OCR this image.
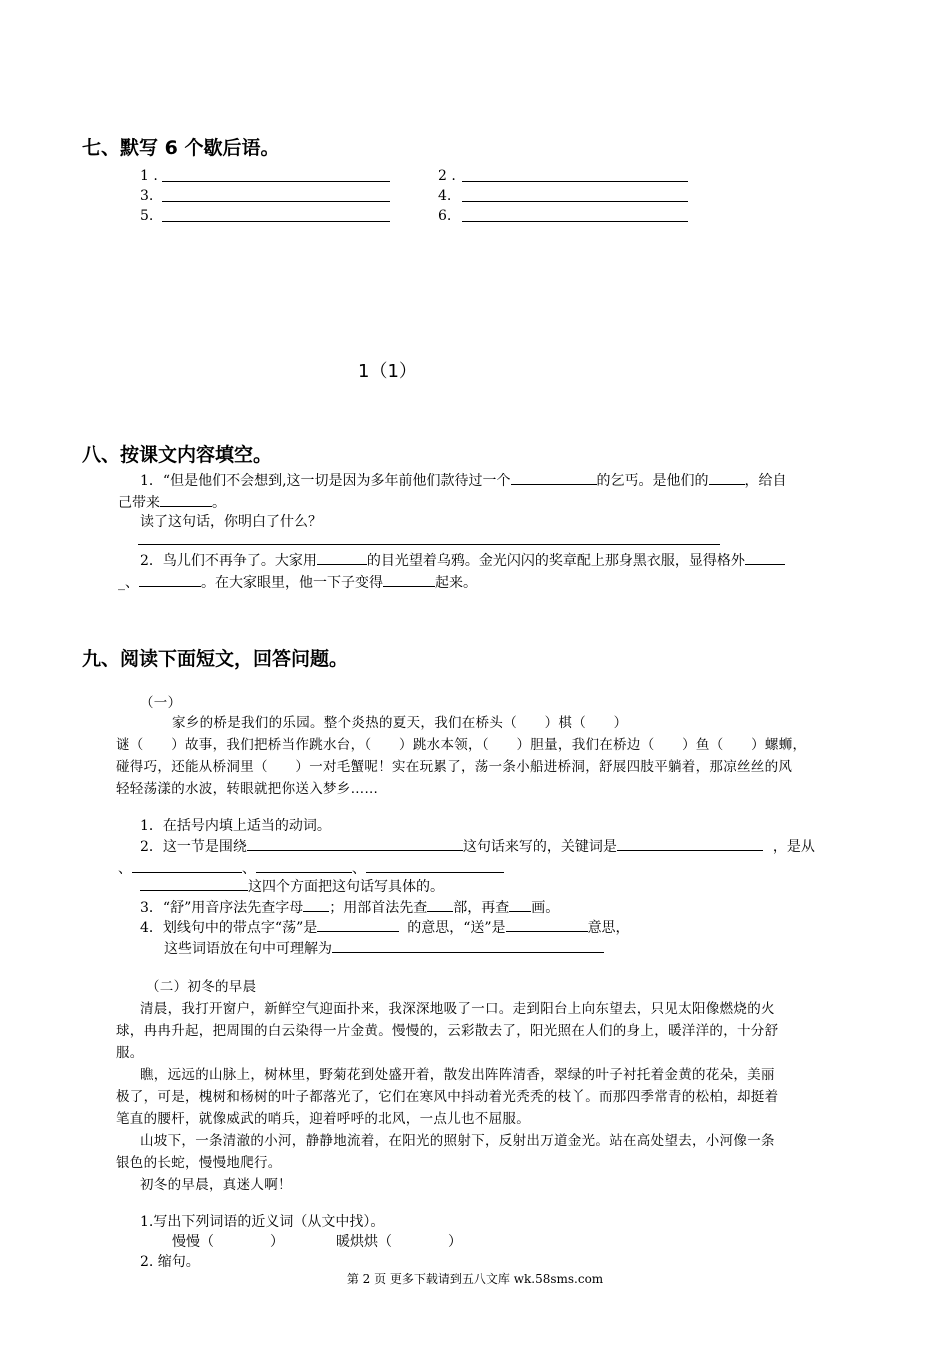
七、默写 6 个歇后语。
1 .	2 .
3.	4.
5.	6.
1（1）
八、按课文内容填空。
1．“但是他们不会想到,这一切是因为多年前他们款待过一个	的乞丐。是他们的	，给自
己带来	。
读了这句话，你明白了什么？
2．鸟儿们不再争了。大家用	的目光望着乌鸦。金光闪闪的奖章配上那身黑衣服，显得格外
_、	。在大家眼里，他一下子变得	起来。
九、阅读下面短文，回答问题。
（一）
家乡的桥是我们的乐园。整个炎热的夏天，我们在桥头（　　）棋（　　）
谜（　　）故事，我们把桥当作跳水台，（　　）跳水本领，（　　）胆量，我们在桥边（　　）鱼（　　）螺蛳，
碰得巧，还能从桥洞里（　　）一对毛蟹呢！实在玩累了，荡一条小船进桥洞，舒展四肢平躺着，那凉丝丝的风
轻轻荡漾的水波，转眼就把你送入梦乡……
1．在括号内填上适当的动词。
2．这一节是围绕	这句话来写的，关键词是	，是从
、	、	、
这四个方面把这句话写具体的。
3．“舒”用音序法先查字母 ；用部首法先查 部，再查 画。
4．划线句中的带点字“荡”是	的意思，“送”是	意思，
这些词语放在句中可理解为
（二）初冬的早晨
清晨，我打开窗户，新鲜空气迎面扑来，我深深地吸了一口。走到阳台上向东望去，只见太阳像燃烧的火
球，冉冉升起，把周围的白云染得一片金黄。慢慢的，云彩散去了，阳光照在人们的身上，暖洋洋的，十分舒
服。
瞧，远远的山脉上，树林里，野菊花到处盛开着，散发出阵阵清香，翠绿的叶子衬托着金黄的花朵，美丽
极了，可是，槐树和杨树的叶子都落光了，它们在寒风中抖动着光秃秃的枝丫。而那四季常青的松柏，却挺着
笔直的腰杆，就像威武的哨兵，迎着呼呼的北风，一点儿也不屈服。
山坡下，一条清澈的小河，静静地流着，在阳光的照射下，反射出万道金光。站在高处望去，小河像一条
银色的长蛇，慢慢地爬行。
初冬的早晨，真迷人啊！
1.写出下列词语的近义词（从文中找）。
慢慢（　　　　）	暖烘烘（　　　　）
2. 缩句。
第 2 页 更多下载请到五八文库 wk.58sms.com
